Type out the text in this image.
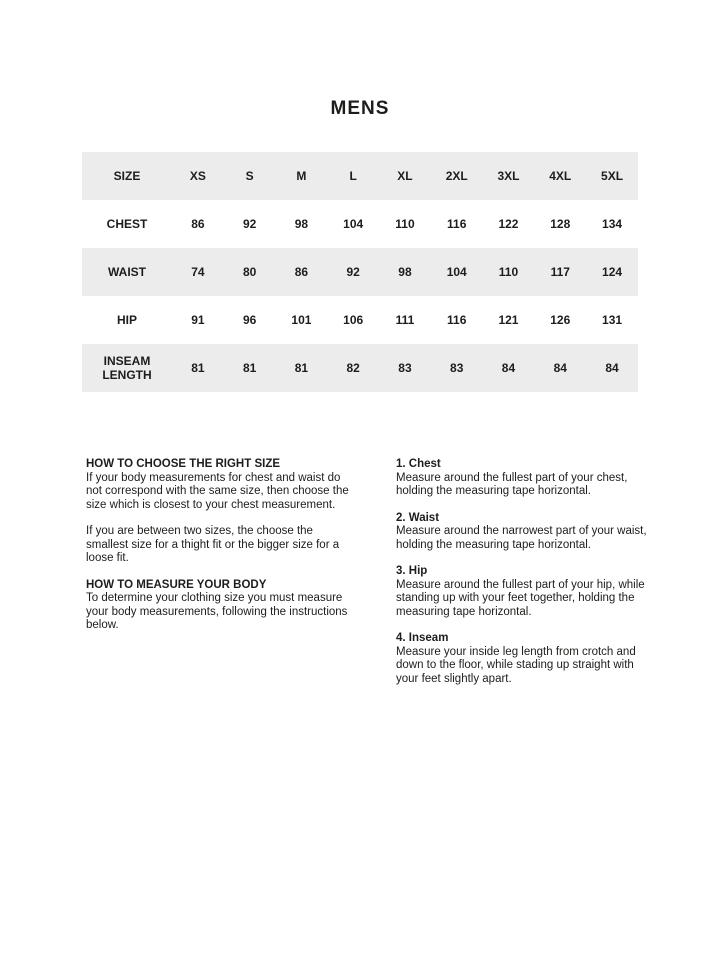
MENS
SIZE	XS	S	M	L	XL	2XL	3XL	4XL	5XL
CHEST	86	92	98	104	110	116	122	128	134
WAIST	74	80	86	92	98	104	110	117	124
HIP	91	96	101	106	111	116	121	126	131
INSEAM LENGTH	81	81	81	82	83	83	84	84	84
HOW TO CHOOSE THE RIGHT SIZE

If your body measurements for chest and waist do not correspond with the same size, then choose the size which is closest to your chest measurement.

If you are between two sizes, the choose the smallest size for a thight fit or the bigger size for a loose fit.

HOW TO MEASURE YOUR BODY

To determine your clothing size you must measure your body measurements, following the instructions below.

1. Chest

Measure around the fullest part of your chest, holding the measuring tape horizontal.

2. Waist

Measure around the narrowest part of your waist, holding the measuring tape horizontal.

3. Hip

Measure around the fullest part of your hip, while standing up with your feet together, holding the measuring tape horizontal.

4. Inseam

Measure your inside leg length from crotch and down to the floor, while stading up straight with your feet slightly apart.
